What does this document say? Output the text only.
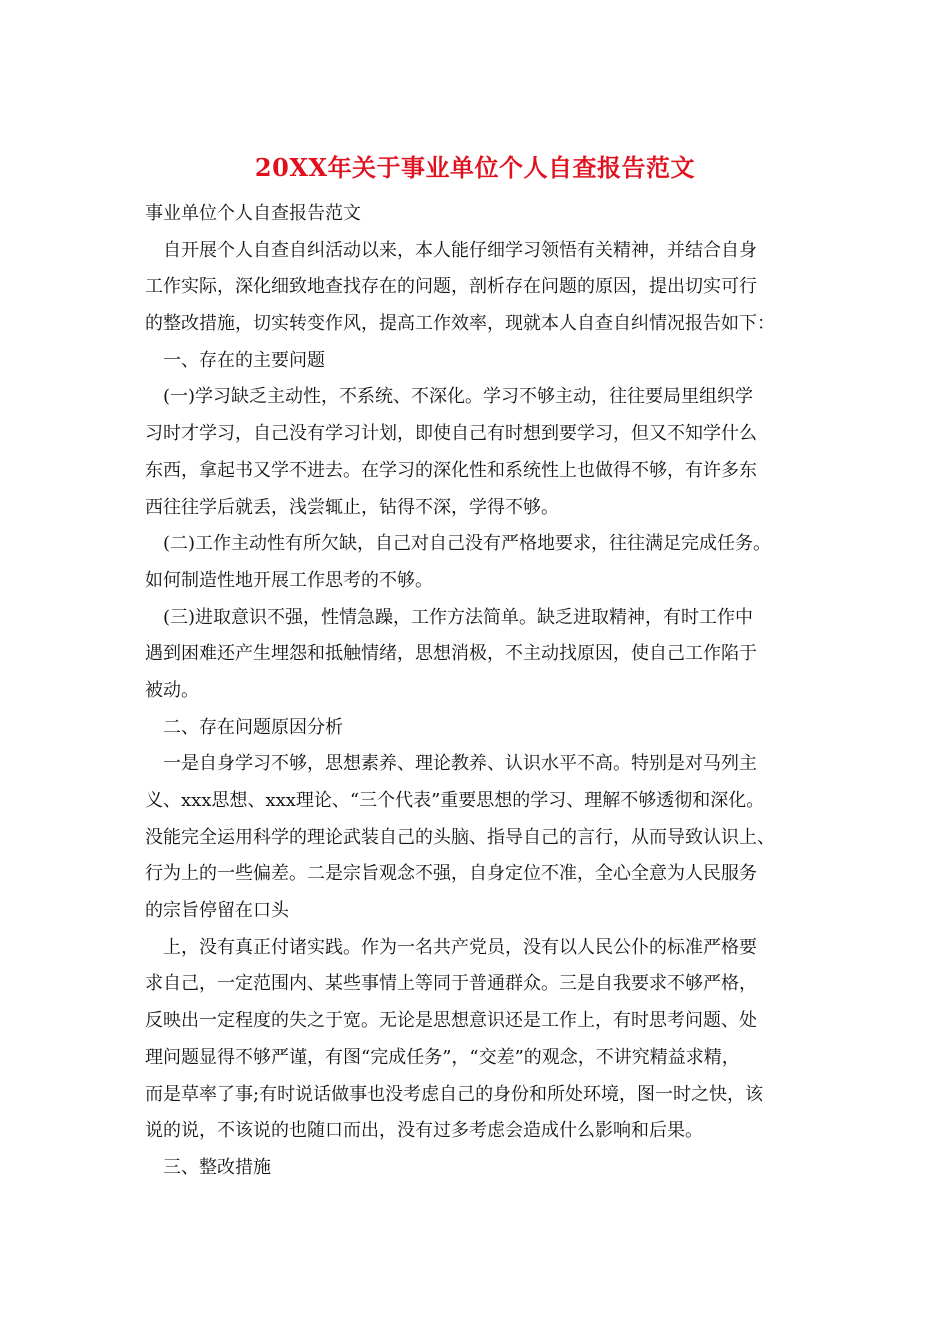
20XX年关于事业单位个人自查报告范文
事业单位个人自查报告范文
自开展个人自查自纠活动以来，本人能仔细学习领悟有关精神，并结合自身
工作实际，深化细致地查找存在的问题，剖析存在问题的原因，提出切实可行
的整改措施，切实转变作风，提高工作效率，现就本人自查自纠情况报告如下：
一、存在的主要问题
(一)学习缺乏主动性，不系统、不深化。学习不够主动，往往要局里组织学
习时才学习，自己没有学习计划，即使自己有时想到要学习，但又不知学什么
东西，拿起书又学不进去。在学习的深化性和系统性上也做得不够，有许多东
西往往学后就丢，浅尝辄止，钻得不深，学得不够。
(二)工作主动性有所欠缺，自己对自己没有严格地要求，往往满足完成任务。
如何制造性地开展工作思考的不够。
(三)进取意识不强，性情急躁，工作方法简单。缺乏进取精神，有时工作中
遇到困难还产生埋怨和抵触情绪，思想消极，不主动找原因，使自己工作陷于
被动。
二、存在问题原因分析
一是自身学习不够，思想素养、理论教养、认识水平不高。特别是对马列主
义、xxx思想、xxx理论、“三个代表”重要思想的学习、理解不够透彻和深化。
没能完全运用科学的理论武装自己的头脑、指导自己的言行，从而导致认识上、
行为上的一些偏差。二是宗旨观念不强，自身定位不准，全心全意为人民服务
的宗旨停留在口头
上，没有真正付诸实践。作为一名共产党员，没有以人民公仆的标准严格要
求自己，一定范围内、某些事情上等同于普通群众。三是自我要求不够严格，
反映出一定程度的失之于宽。无论是思想意识还是工作上，有时思考问题、处
理问题显得不够严谨，有图“完成任务”，“交差”的观念，不讲究精益求精，
而是草率了事;有时说话做事也没考虑自己的身份和所处环境，图一时之快，该
说的说，不该说的也随口而出，没有过多考虑会造成什么影响和后果。
三、整改措施
